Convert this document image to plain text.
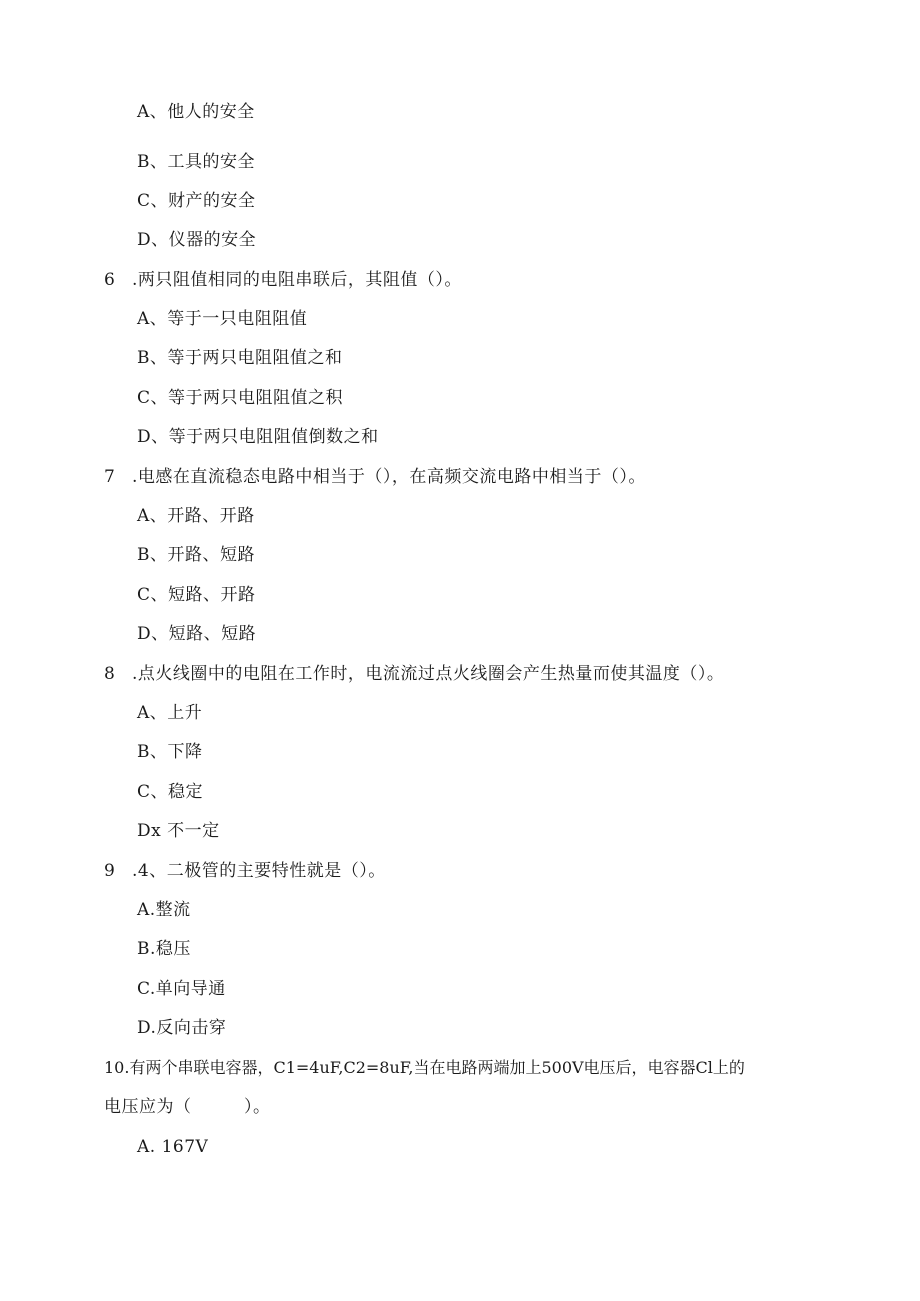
A、他人的安全
B、工具的安全
C、财产的安全
D、仪器的安全
6 .两只阻值相同的电阻串联后，其阻值（）。
A、等于一只电阻阻值
B、等于两只电阻阻值之和
C、等于两只电阻阻值之积
D、等于两只电阻阻值倒数之和
7 .电感在直流稳态电路中相当于（），在高频交流电路中相当于（）。
A、开路、开路
B、开路、短路
C、短路、开路
D、短路、短路
8 .点火线圈中的电阻在工作时，电流流过点火线圈会产生热量而使其温度（）。
A、上升
B、下降
C、稳定
Dx 不一定
9 .4、二极管的主要特性就是（）。
A.整流
B.稳压
C.单向导通
D.反向击穿
10.有两个串联电容器，C1=4uF,C2=8uF,当在电路两端加上500V电压后，电容器Cl上的
电压应为（　　　）。
A. 167V
